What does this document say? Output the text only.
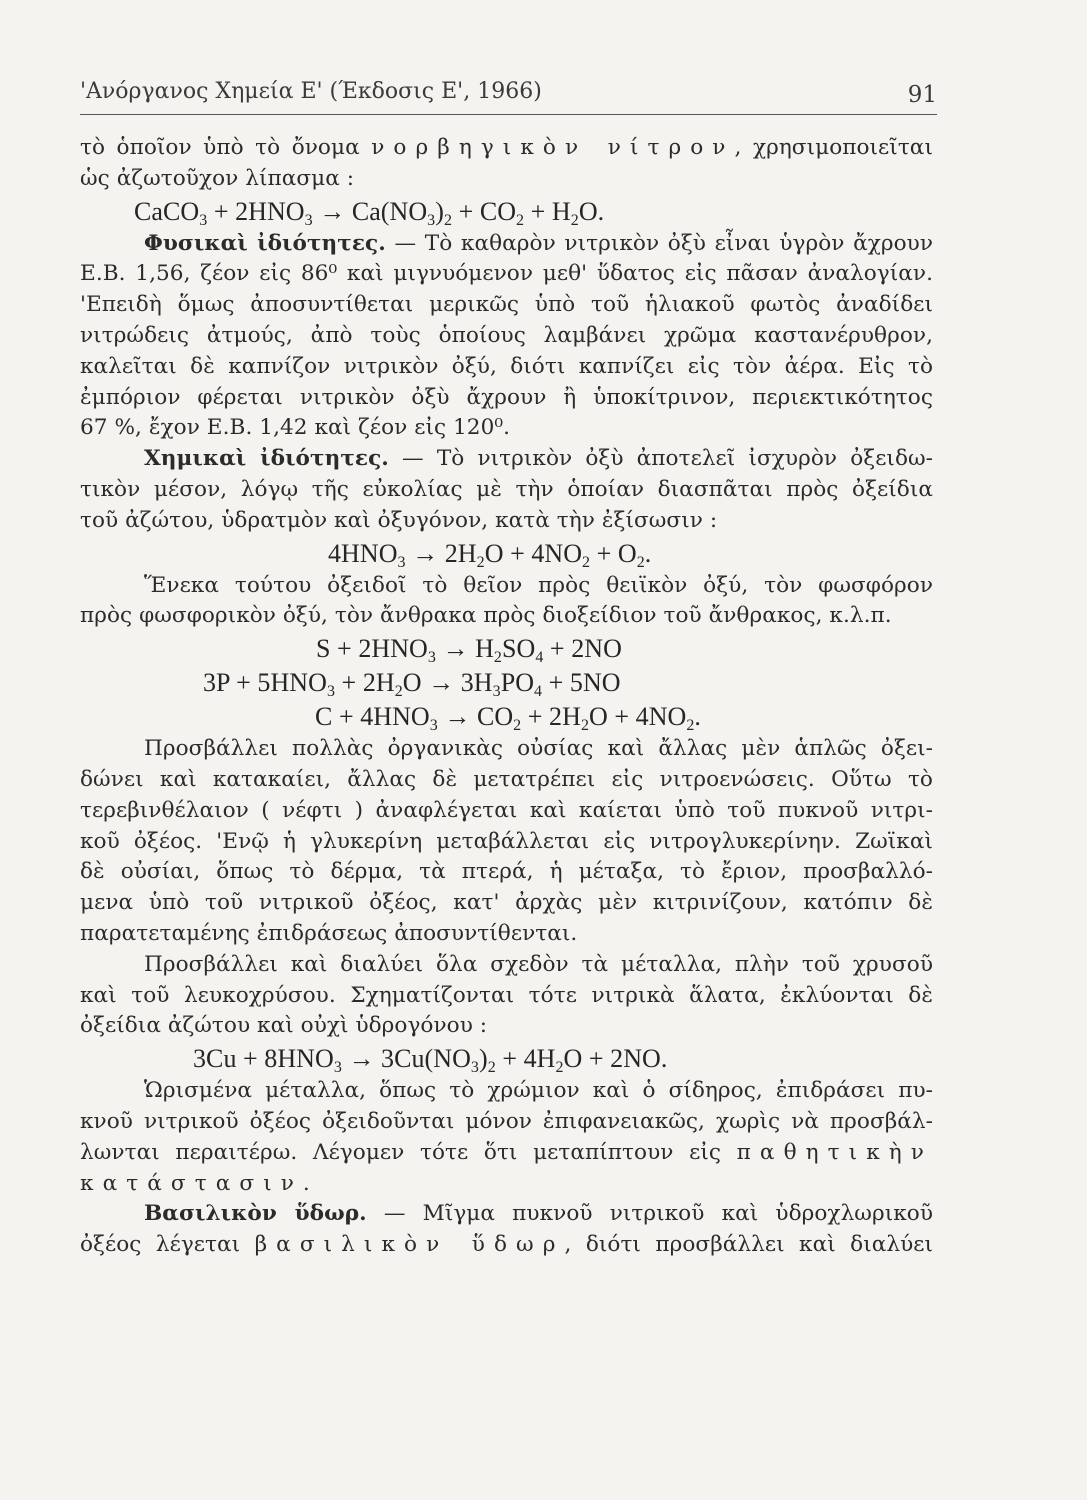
'Ανόργανος Χημεία Ε' (Έκδοσις Ε', 1966)	91
τὸ ὁποῖον ὑπὸ τὸ ὄνομα νορβηγικὸν νίτρον, χρησιμοποιεῖται
ὡς ἀζωτοῦχον λίπασμα :
CaCO3 + 2HNO3 → Ca(NO3)2 + CO2 + H2O.
Φυσικαὶ ἰδιότητες. — Τὸ καθαρὸν νιτρικὸν ὀξὺ εἶναι ὑγρὸν ἄχρουν
Ε.Β. 1,56, ζέον εἰς 86⁰ καὶ μιγνυόμενον μεθ' ὕδατος εἰς πᾶσαν ἀναλογίαν.
'Επειδὴ ὅμως ἀποσυντίθεται μερικῶς ὑπὸ τοῦ ἡλιακοῦ φωτὸς ἀναδίδει
νιτρώδεις ἀτμούς, ἀπὸ τοὺς ὁποίους λαμβάνει χρῶμα καστανέρυθρον,
καλεῖται δὲ καπνίζον νιτρικὸν ὀξύ, διότι καπνίζει εἰς τὸν ἀέρα. Εἰς τὸ
ἐμπόριον φέρεται νιτρικὸν ὀξὺ ἄχρουν ἢ ὑποκίτρινον, περιεκτικότητος
67 %, ἔχον Ε.Β. 1,42 καὶ ζέον εἰς 120⁰.
Χημικαὶ ἰδιότητες. — Τὸ νιτρικὸν ὀξὺ ἀποτελεῖ ἰσχυρὸν ὀξειδω-
τικὸν μέσον, λόγῳ τῆς εὐκολίας μὲ τὴν ὁποίαν διασπᾶται πρὸς ὀξείδια
τοῦ ἀζώτου, ὑδρατμὸν καὶ ὀξυγόνον, κατὰ τὴν ἐξίσωσιν :
4HNO3 → 2H2O + 4NO2 + O2.
Ἕνεκα τούτου ὀξειδοῖ τὸ θεῖον πρὸς θειϊκὸν ὀξύ, τὸν φωσφόρον
πρὸς φωσφορικὸν ὀξύ, τὸν ἄνθρακα πρὸς διοξείδιον τοῦ ἄνθρακος, κ.λ.π.
S + 2HNO3 → H2SO4 + 2NO
3P + 5HNO3 + 2H2O → 3H3PO4 + 5NO
C + 4HNO3 → CO2 + 2H2O + 4NO2.
Προσβάλλει πολλὰς ὀργανικὰς οὐσίας καὶ ἄλλας μὲν ἁπλῶς ὀξει-
δώνει καὶ κατακαίει, ἄλλας δὲ μετατρέπει εἰς νιτροενώσεις. Οὕτω τὸ
τερεβινθέλαιον ( νέφτι ) ἀναφλέγεται καὶ καίεται ὑπὸ τοῦ πυκνοῦ νιτρι-
κοῦ ὀξέος. 'Ενῷ ἡ γλυκερίνη μεταβάλλεται εἰς νιτρογλυκερίνην. Ζωϊκαὶ
δὲ οὐσίαι, ὅπως τὸ δέρμα, τὰ πτερά, ἡ μέταξα, τὸ ἔριον, προσβαλλό-
μενα ὑπὸ τοῦ νιτρικοῦ ὀξέος, κατ' ἀρχὰς μὲν κιτρινίζουν, κατόπιν δὲ
παρατεταμένης ἐπιδράσεως ἀποσυντίθενται.
Προσβάλλει καὶ διαλύει ὅλα σχεδὸν τὰ μέταλλα, πλὴν τοῦ χρυσοῦ
καὶ τοῦ λευκοχρύσου. Σχηματίζονται τότε νιτρικὰ ἅλατα, ἐκλύονται δὲ
ὀξείδια ἀζώτου καὶ οὐχὶ ὑδρογόνου :
3Cu + 8HNO3 → 3Cu(NO3)2 + 4H2O + 2NO.
Ὡρισμένα μέταλλα, ὅπως τὸ χρώμιον καὶ ὁ σίδηρος, ἐπιδράσει πυ-
κνοῦ νιτρικοῦ ὀξέος ὀξειδοῦνται μόνον ἐπιφανειακῶς, χωρὶς νὰ προσβάλ-
λωνται περαιτέρω. Λέγομεν τότε ὅτι μεταπίπτουν εἰς παθητικὴν
κατάστασιν.
Βασιλικὸν ὕδωρ. — Μῖγμα πυκνοῦ νιτρικοῦ καὶ ὑδροχλωρικοῦ
ὀξέος λέγεται βασιλικὸν ὕδωρ, διότι προσβάλλει καὶ διαλύει
